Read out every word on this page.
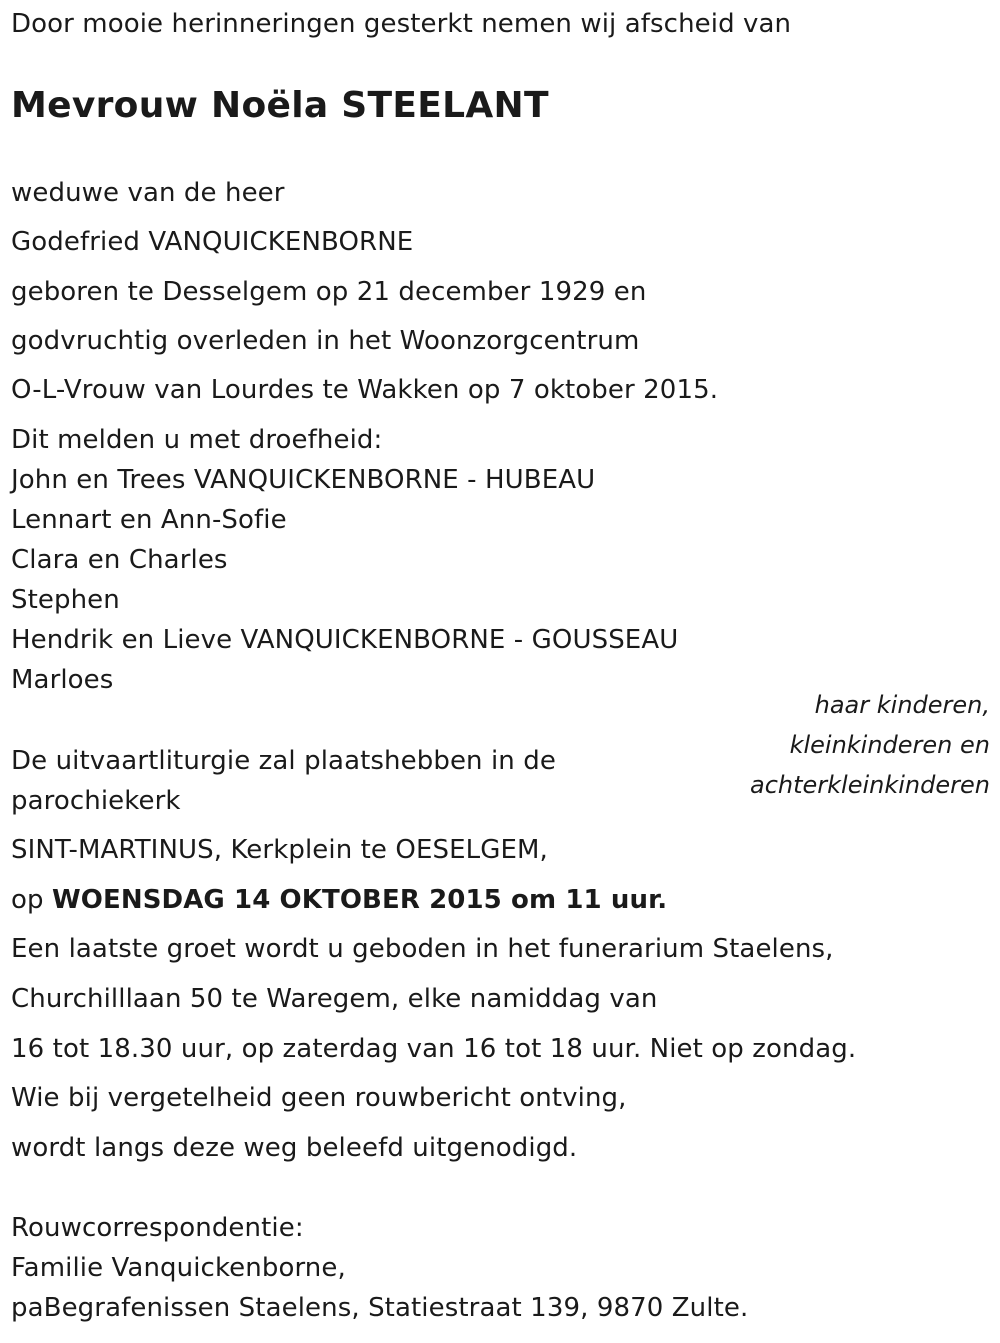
Door mooie herinneringen gesterkt nemen wij afscheid van
Mevrouw Noëla STEELANT
weduwe van de heer
Godefried VANQUICKENBORNE
geboren te Desselgem op 21 december 1929 en
godvruchtig overleden in het Woonzorgcentrum
O-L-Vrouw van Lourdes te Wakken op 7 oktober 2015.
Dit melden u met droefheid:
John en Trees VANQUICKENBORNE - HUBEAU
Lennart en Ann-Sofie
Clara en Charles
Stephen
Hendrik en Lieve VANQUICKENBORNE - GOUSSEAU
Marloes
haar kinderen,
kleinkinderen en
achterkleinkinderen
De uitvaartliturgie zal plaatshebben in de
parochiekerk
SINT-MARTINUS, Kerkplein te OESELGEM,
op WOENSDAG 14 OKTOBER 2015 om 11 uur.
Een laatste groet wordt u geboden in het funerarium Staelens,
Churchilllaan 50 te Waregem, elke namiddag van
16 tot 18.30 uur, op zaterdag van 16 tot 18 uur. Niet op zondag.
Wie bij vergetelheid geen rouwbericht ontving,
wordt langs deze weg beleefd uitgenodigd.
Rouwcorrespondentie:
Familie Vanquickenborne,
paBegrafenissen Staelens, Statiestraat 139, 9870 Zulte.
